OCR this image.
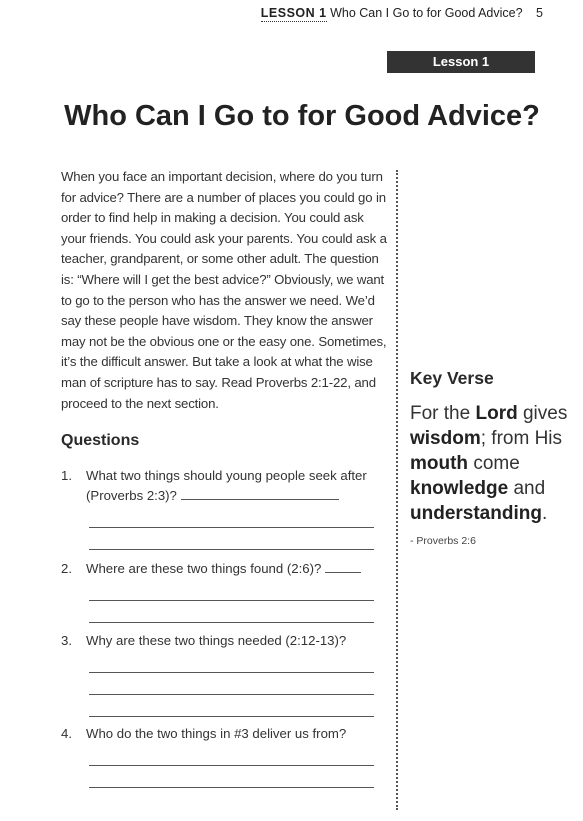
LESSON 1 Who Can I Go to for Good Advice? 5
Lesson 1
Who Can I Go to for Good Advice?

When you face an important decision, where do you turn for advice? There are a number of places you could go in order to find help in making a decision. You could ask your friends. You could ask your parents. You could ask a teacher, grandparent, or some other adult. The question is: “Where will I get the best advice?” Obviously, we want to go to the person who has the answer we need. We’d say these people have wisdom. They know the answer may not be the obvious one or the easy one. Sometimes, it’s the difficult answer. But take a look at what the wise man of scripture has to say. Read Proverbs 2:1-22, and proceed to the next section.

Questions
1. What two things should young people seek after (Proverbs 2:3)?
2. Where are these two things found (2:6)?
3. Why are these two things needed (2:12-13)?
4. Who do the two things in #3 deliver us from?
Key Verse

For the Lord gives wisdom; from His mouth come knowledge and understanding.

- Proverbs 2:6
